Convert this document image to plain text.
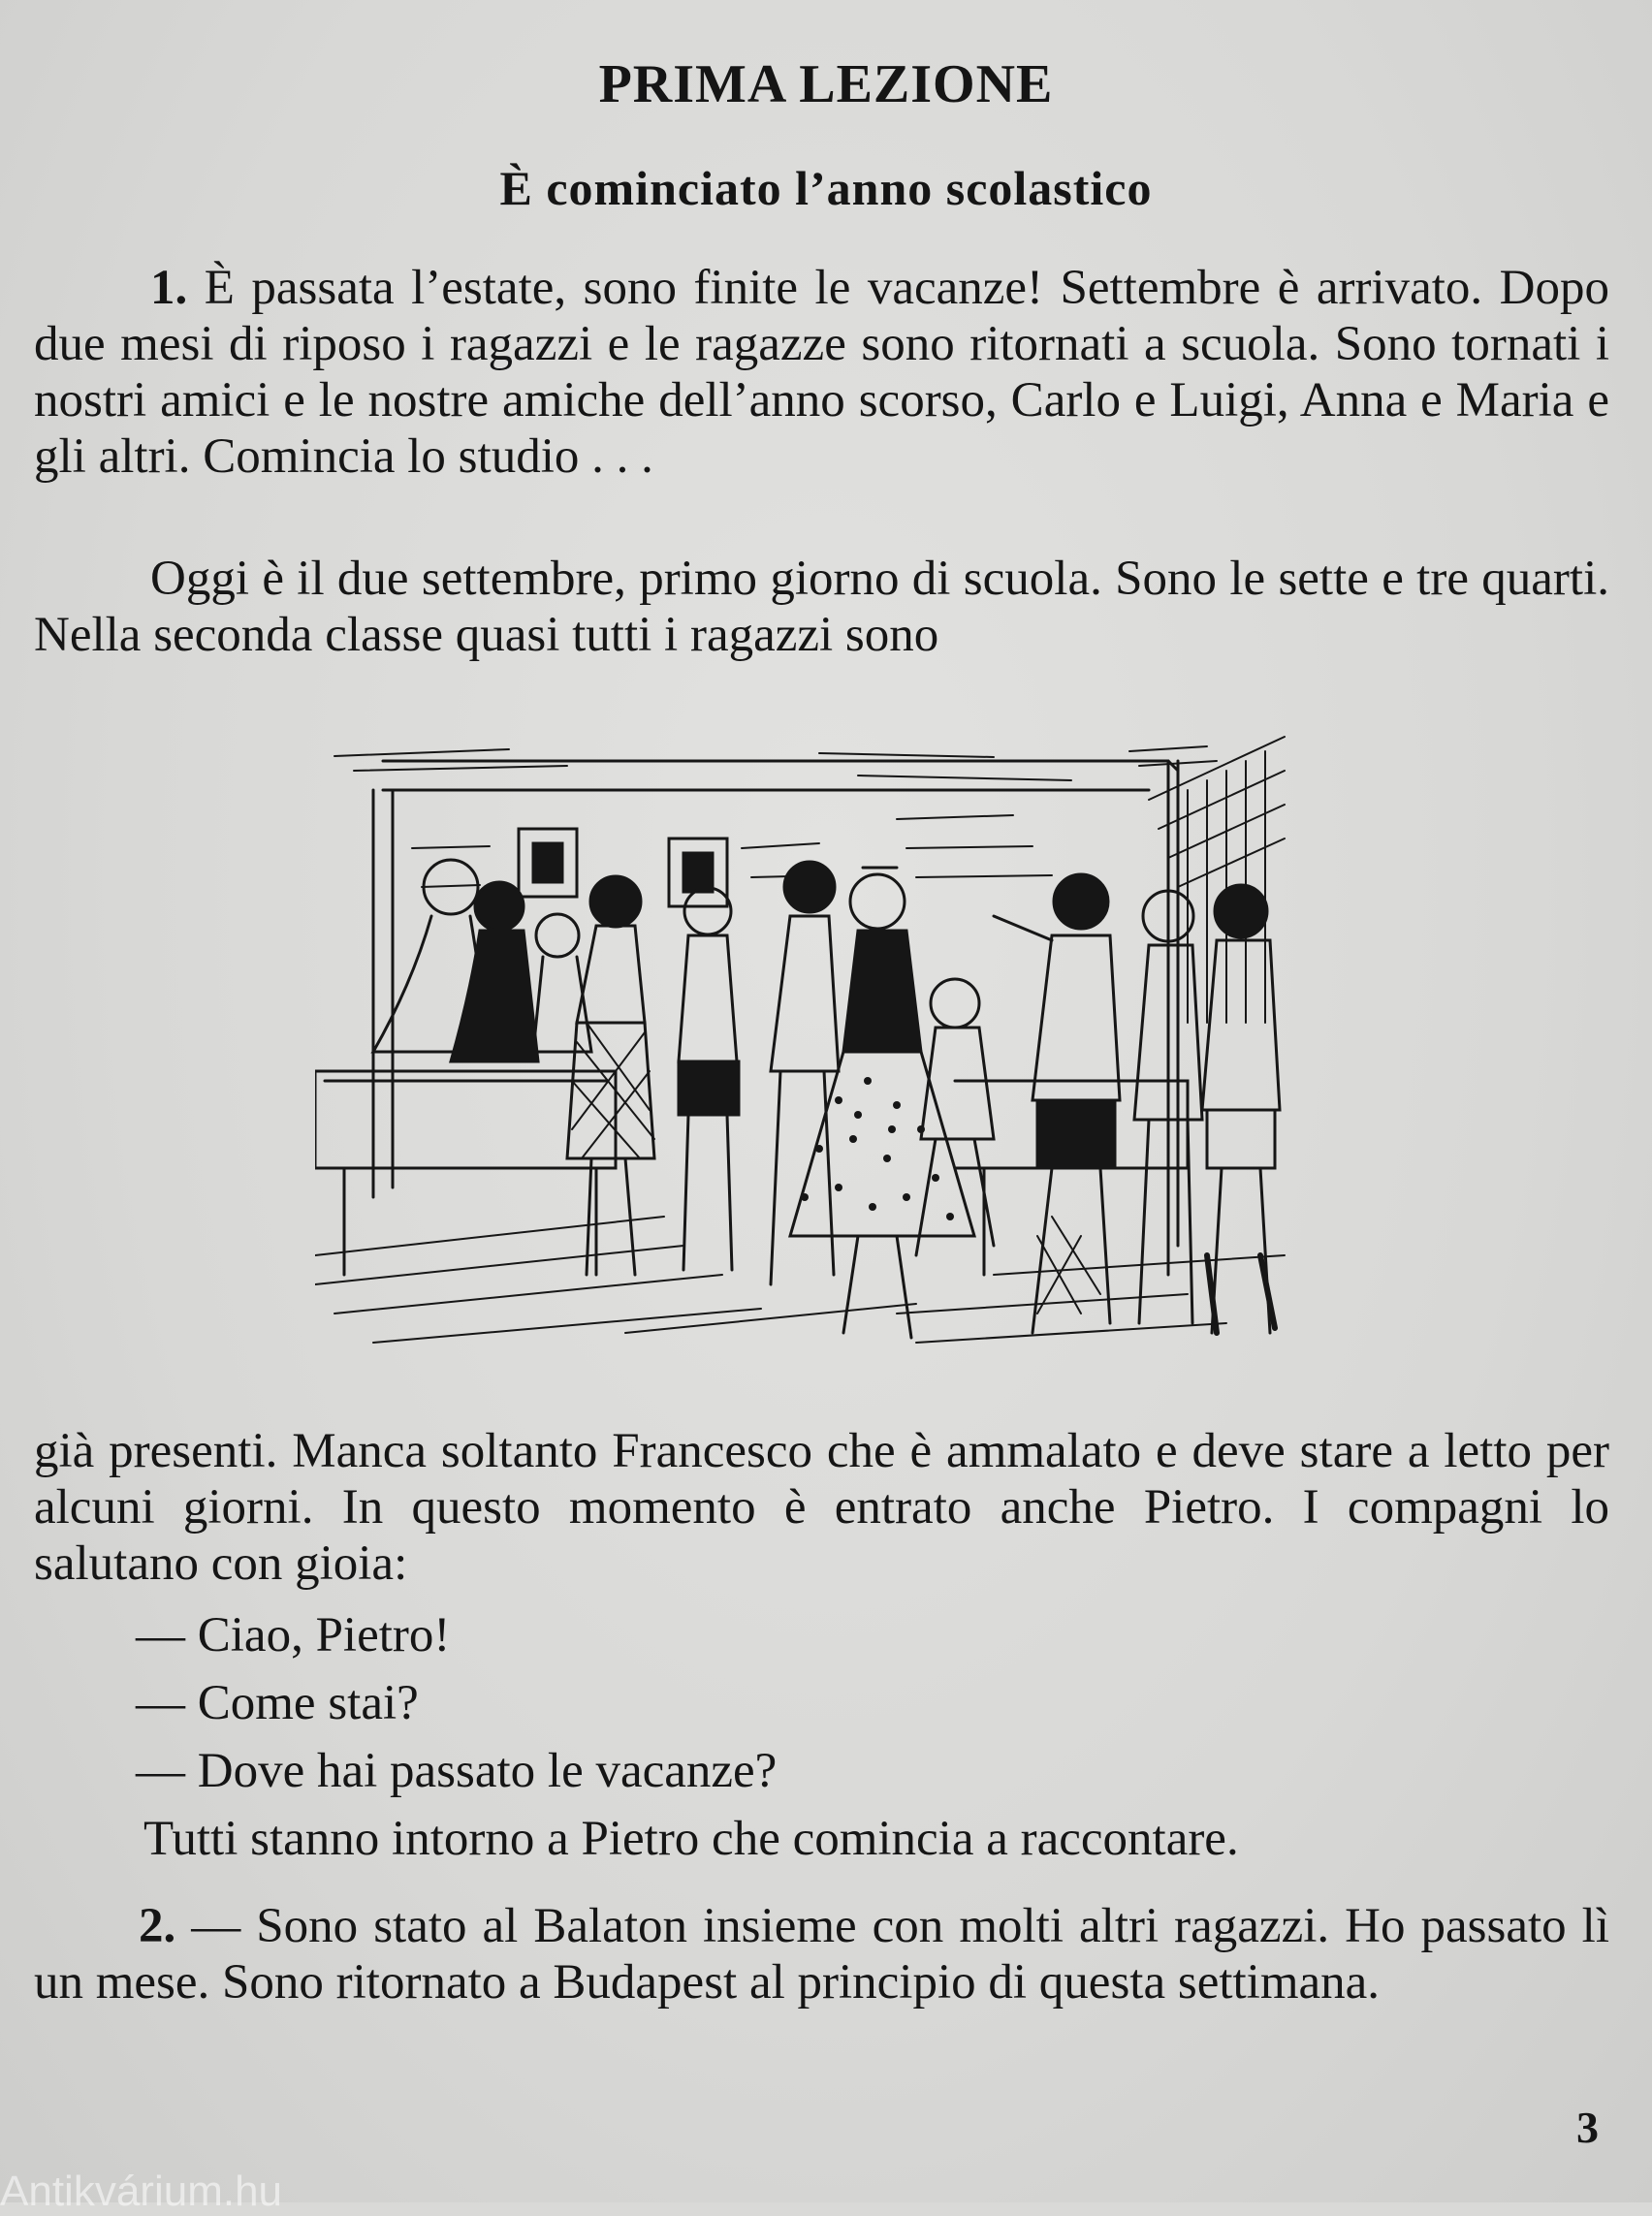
PRIMA LEZIONE
È cominciato l’anno scolastico

1. È passata l’estate, sono finite le vacanze! Settembre è arrivato. Dopo due mesi di riposo i ragazzi e le ragazze sono ritornati a scuola. Sono tornati i nostri amici e le nostre amiche dell’anno scorso, Carlo e Luigi, Anna e Maria e gli altri. Comincia lo studio . . .

Oggi è il due settembre, primo giorno di scuola. Sono le sette e tre quarti. Nella seconda classe quasi tutti i ragazzi sono

già presenti. Manca soltanto Francesco che è ammalato e deve stare a letto per alcuni giorni. In questo momento è entrato anche Pietro. I compagni lo salutano con gioia:

— Ciao, Pietro!

— Come stai?

— Dove hai passato le vacanze?

Tutti stanno intorno a Pietro che comincia a raccontare.

2. — Sono stato al Balaton insieme con molti altri ragazzi. Ho passato lì un mese. Sono ritornato a Budapest al principio di questa settimana.

3

Antikvárium.hu
